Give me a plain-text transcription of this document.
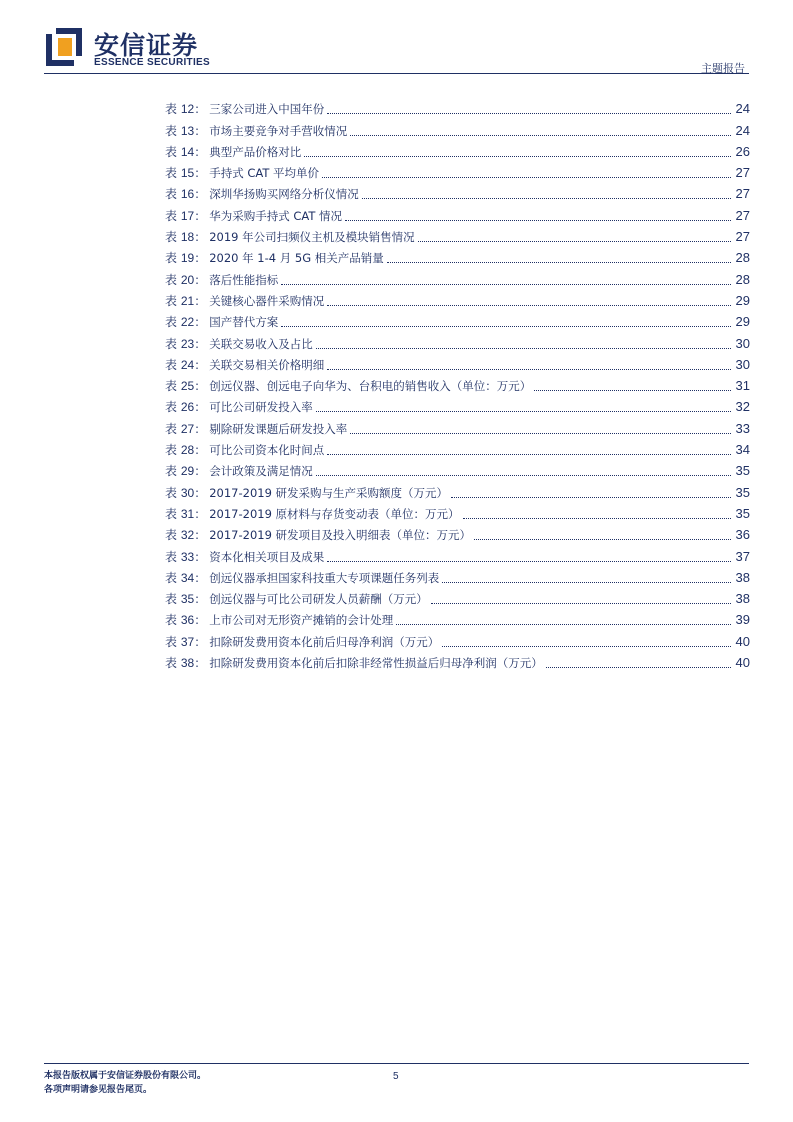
安信证券
ESSENCE SECURITIES	主题报告
表 12： 三家公司进入中国年份	24
表 13： 市场主要竞争对手营收情况	24
表 14： 典型产品价格对比	26
表 15： 手持式 CAT 平均单价	27
表 16： 深圳华扬购买网络分析仪情况	27
表 17： 华为采购手持式 CAT 情况	27
表 18： 2019 年公司扫频仪主机及模块销售情况	27
表 19： 2020 年 1-4 月 5G 相关产品销量	28
表 20： 落后性能指标	28
表 21： 关键核心器件采购情况	29
表 22： 国产替代方案	29
表 23： 关联交易收入及占比	30
表 24： 关联交易相关价格明细	30
表 25： 创远仪器、创远电子向华为、台积电的销售收入（单位：万元）	31
表 26： 可比公司研发投入率	32
表 27： 剔除研发课题后研发投入率	33
表 28： 可比公司资本化时间点	34
表 29： 会计政策及满足情况	35
表 30： 2017-2019 研发采购与生产采购额度（万元）	35
表 31： 2017-2019 原材料与存货变动表（单位：万元）	35
表 32： 2017-2019 研发项目及投入明细表（单位：万元）	36
表 33： 资本化相关项目及成果	37
表 34： 创远仪器承担国家科技重大专项课题任务列表	38
表 35： 创远仪器与可比公司研发人员薪酬（万元）	38
表 36： 上市公司对无形资产摊销的会计处理	39
表 37： 扣除研发费用资本化前后归母净利润（万元）	40
表 38： 扣除研发费用资本化前后扣除非经常性损益后归母净利润（万元）	40
本报告版权属于安信证券股份有限公司。
各项声明请参见报告尾页。
5
